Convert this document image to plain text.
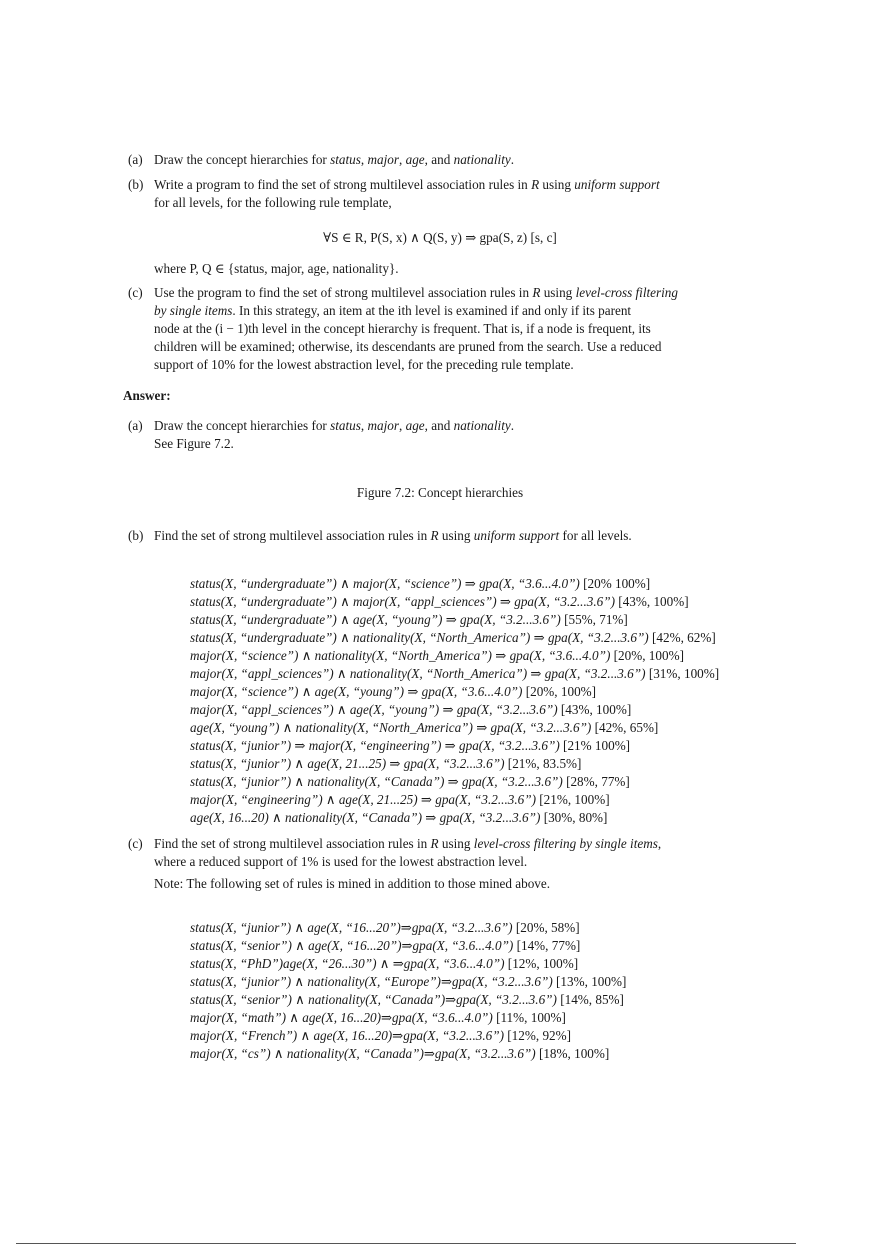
(a) Draw the concept hierarchies for status, major, age, and nationality.

(b) Write a program to find the set of strong multilevel association rules in R using uniform support

for all levels, for the following rule template,

∀S ∈ R, P(S, x) ∧ Q(S, y) ⇒ gpa(S, z) [s, c]
where P, Q ∈ {status, major, age, nationality}.
(c) Use the program to find the set of strong multilevel association rules in R using level-cross filtering

by single items. In this strategy, an item at the ith level is examined if and only if its parent

node at the (i − 1)th level in the concept hierarchy is frequent. That is, if a node is frequent, its

children will be examined; otherwise, its descendants are pruned from the search. Use a reduced

support of 10% for the lowest abstraction level, for the preceding rule template.

Answer:
(a) Draw the concept hierarchies for status, major, age, and nationality.

See Figure 7.2.

Figure 7.2: Concept hierarchies
(b) Find the set of strong multilevel association rules in R using uniform support for all levels.

status(X, “undergraduate”) ∧ major(X, “science”) ⇒ gpa(X, “3.6...4.0”) [20% 100%]
status(X, “undergraduate”) ∧ major(X, “appl_sciences”) ⇒ gpa(X, “3.2...3.6”) [43%, 100%]
status(X, “undergraduate”) ∧ age(X, “young”) ⇒ gpa(X, “3.2...3.6”) [55%, 71%]
status(X, “undergraduate”) ∧ nationality(X, “North_America”) ⇒ gpa(X, “3.2...3.6”) [42%, 62%]
major(X, “science”) ∧ nationality(X, “North_America”) ⇒ gpa(X, “3.6...4.0”) [20%, 100%]
major(X, “appl_sciences”) ∧ nationality(X, “North_America”) ⇒ gpa(X, “3.2...3.6”) [31%, 100%]
major(X, “science”) ∧ age(X, “young”) ⇒ gpa(X, “3.6...4.0”) [20%, 100%]
major(X, “appl_sciences”) ∧ age(X, “young”) ⇒ gpa(X, “3.2...3.6”) [43%, 100%]
age(X, “young”) ∧ nationality(X, “North_America”) ⇒ gpa(X, “3.2...3.6”) [42%, 65%]
status(X, “junior”) ⇒ major(X, “engineering”) ⇒ gpa(X, “3.2...3.6”) [21% 100%]
status(X, “junior”) ∧ age(X, 21...25) ⇒ gpa(X, “3.2...3.6”) [21%, 83.5%]
status(X, “junior”) ∧ nationality(X, “Canada”) ⇒ gpa(X, “3.2...3.6”) [28%, 77%]
major(X, “engineering”) ∧ age(X, 21...25) ⇒ gpa(X, “3.2...3.6”) [21%, 100%]
age(X, 16...20) ∧ nationality(X, “Canada”) ⇒ gpa(X, “3.2...3.6”) [30%, 80%]
(c) Find the set of strong multilevel association rules in R using level-cross filtering by single items,

where a reduced support of 1% is used for the lowest abstraction level.

Note: The following set of rules is mined in addition to those mined above.

status(X, “junior”) ∧ age(X, “16...20”)⇒gpa(X, “3.2...3.6”) [20%, 58%]
status(X, “senior”) ∧ age(X, “16...20”)⇒gpa(X, “3.6...4.0”) [14%, 77%]
status(X, “PhD”)age(X, “26...30”) ∧ ⇒gpa(X, “3.6...4.0”) [12%, 100%]
status(X, “junior”) ∧ nationality(X, “Europe”)⇒gpa(X, “3.2...3.6”) [13%, 100%]
status(X, “senior”) ∧ nationality(X, “Canada”)⇒gpa(X, “3.2...3.6”) [14%, 85%]
major(X, “math”) ∧ age(X, 16...20)⇒gpa(X, “3.6...4.0”) [11%, 100%]
major(X, “French”) ∧ age(X, 16...20)⇒gpa(X, “3.2...3.6”) [12%, 92%]
major(X, “cs”) ∧ nationality(X, “Canada”)⇒gpa(X, “3.2...3.6”) [18%, 100%]
